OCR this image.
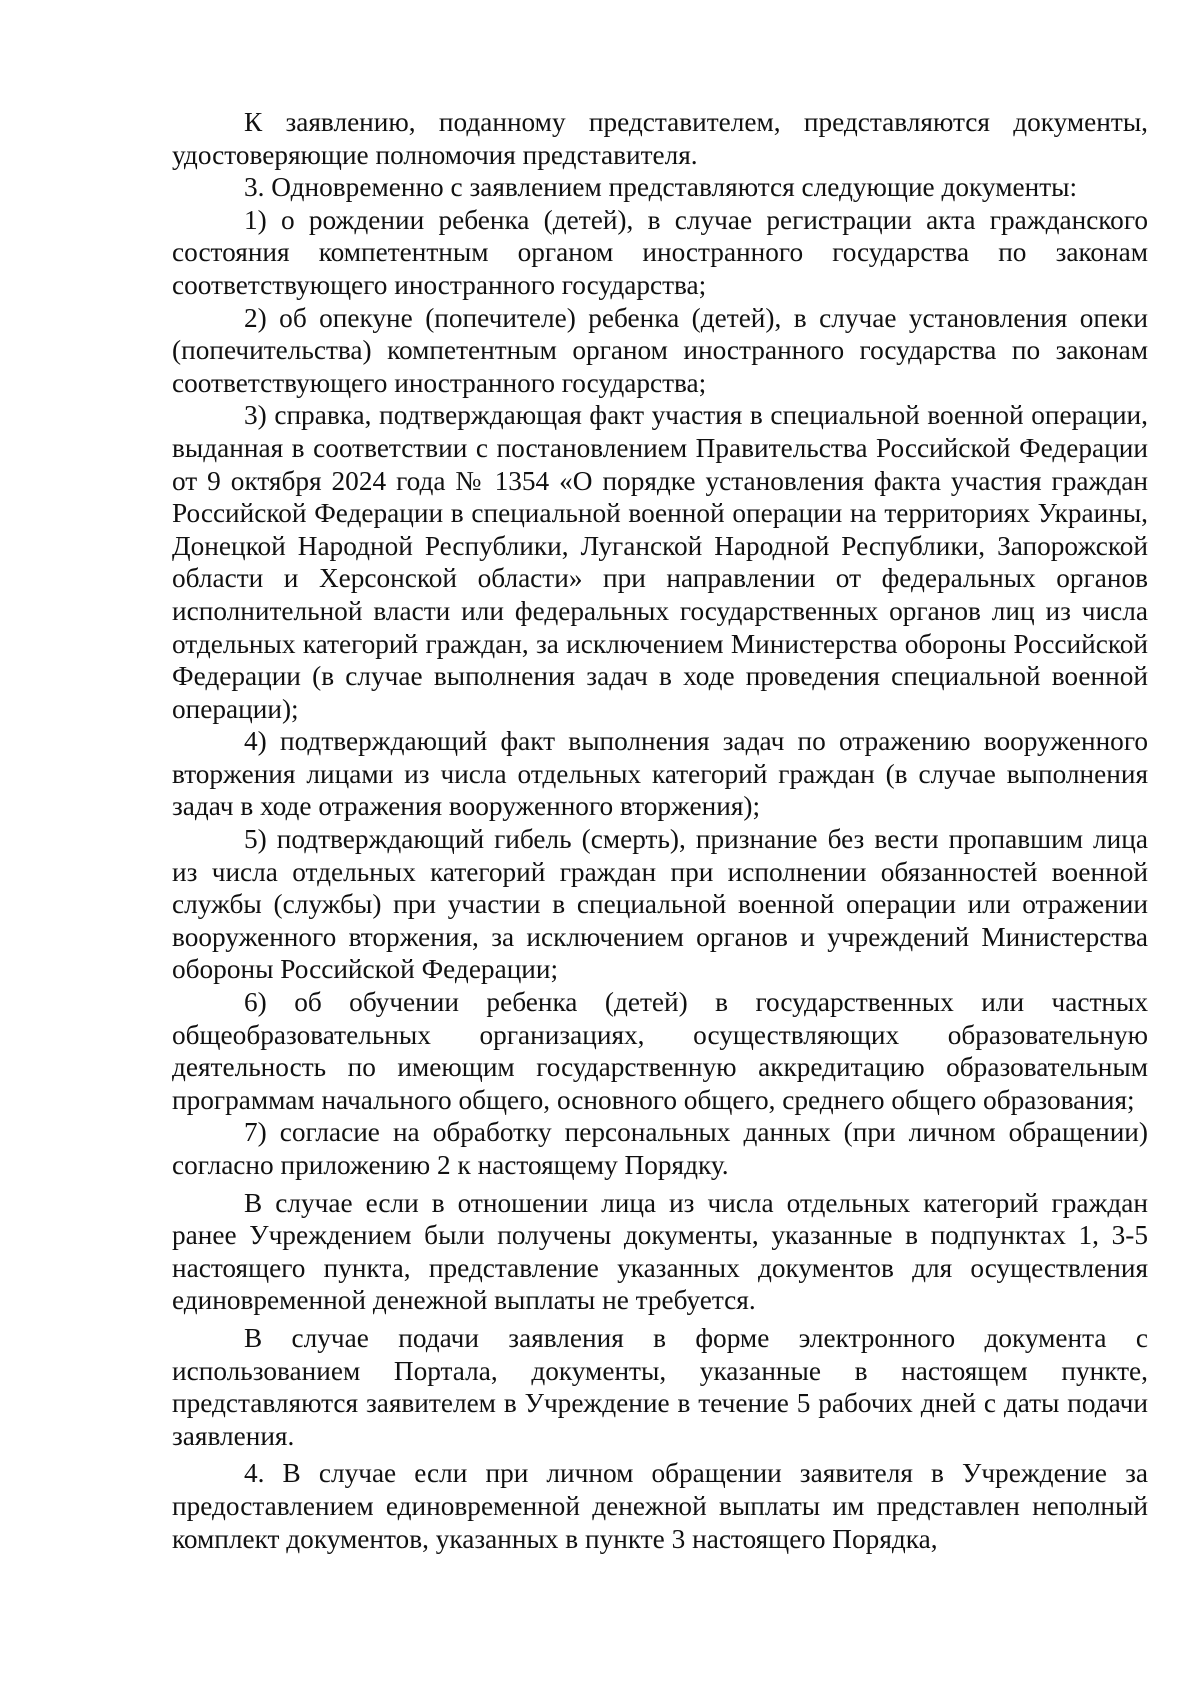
К заявлению, поданному представителем, представляются документы, удостоверяющие полномочия представителя.

3. Одновременно с заявлением представляются следующие документы:

1) о рождении ребенка (детей), в случае регистрации акта гражданского состояния компетентным органом иностранного государства по законам соответствующего иностранного государства;

2) об опекуне (попечителе) ребенка (детей), в случае установления опеки (попечительства) компетентным органом иностранного государства по законам соответствующего иностранного государства;

3) справка, подтверждающая факт участия в специальной военной операции, выданная в соответствии с постановлением Правительства Российской Федерации от 9 октября 2024 года № 1354 «О порядке установления факта участия граждан Российской Федерации в специальной военной операции на территориях Украины, Донецкой Народной Республики, Луганской Народной Республики, Запорожской области и Херсонской области» при направлении от федеральных органов исполнительной власти или федеральных государственных органов лиц из числа отдельных категорий граждан, за исключением Министерства обороны Российской Федерации (в случае выполнения задач в ходе проведения специальной военной операции);

4) подтверждающий факт выполнения задач по отражению вооруженного вторжения лицами из числа отдельных категорий граждан (в случае выполнения задач в ходе отражения вооруженного вторжения);

5) подтверждающий гибель (смерть), признание без вести пропавшим лица из числа отдельных категорий граждан при исполнении обязанностей военной службы (службы) при участии в специальной военной операции или отражении вооруженного вторжения, за исключением органов и учреждений Министерства обороны Российской Федерации;

6) об обучении ребенка (детей) в государственных или частных общеобразовательных организациях, осуществляющих образовательную деятельность по имеющим государственную аккредитацию образовательным программам начального общего, основного общего, среднего общего образования;

7) согласие на обработку персональных данных (при личном обращении) согласно приложению 2 к настоящему Порядку.

В случае если в отношении лица из числа отдельных категорий граждан ранее Учреждением были получены документы, указанные в подпунктах 1, 3-5 настоящего пункта, представление указанных документов для осуществления единовременной денежной выплаты не требуется.

В случае подачи заявления в форме электронного документа с использованием Портала, документы, указанные в настоящем пункте, представляются заявителем в Учреждение в течение 5 рабочих дней с даты подачи заявления.

4. В случае если при личном обращении заявителя в Учреждение за предоставлением единовременной денежной выплаты им представлен неполный комплект документов, указанных в пункте 3 настоящего Порядка,
